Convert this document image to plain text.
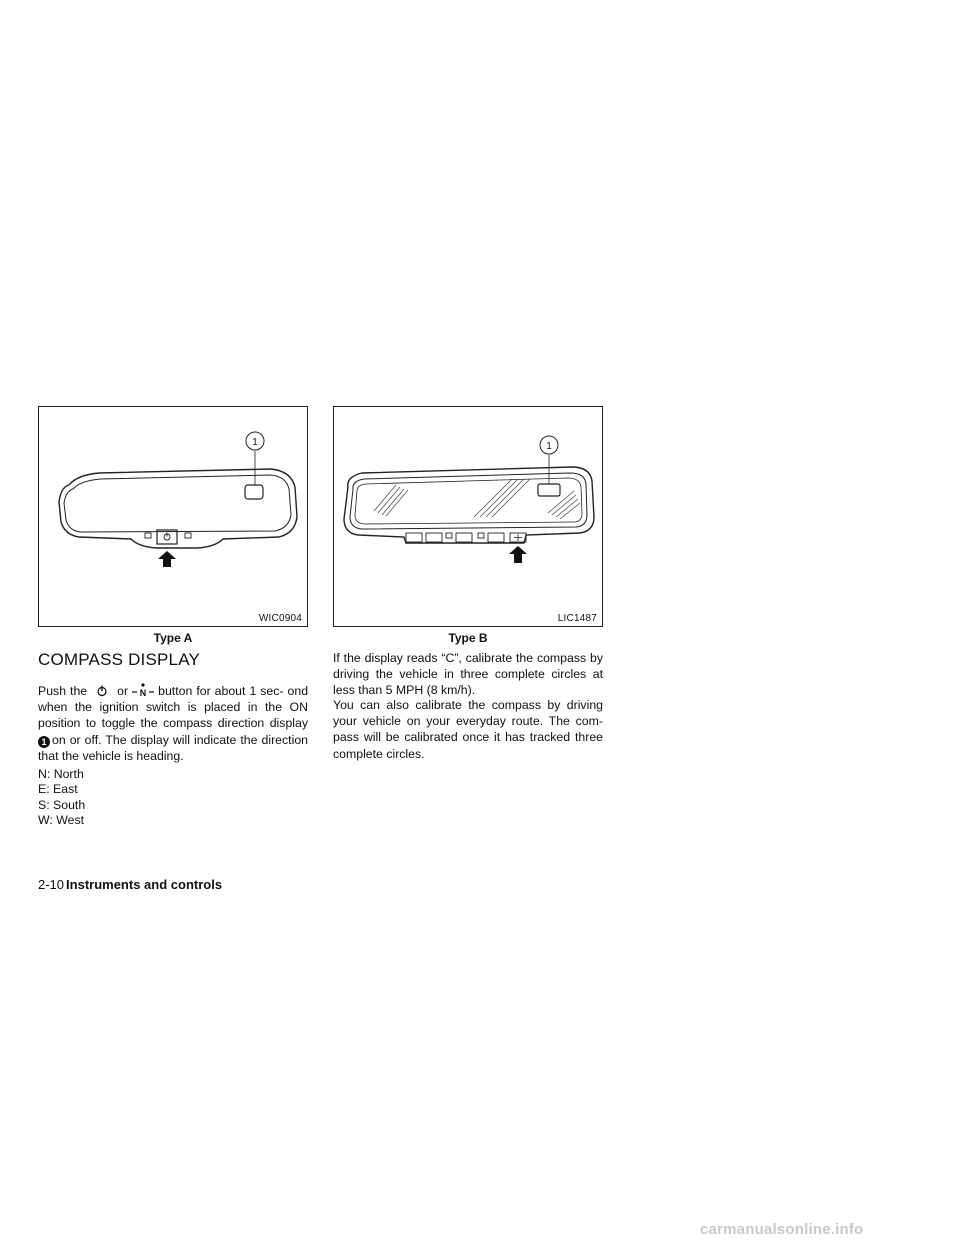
1
WIC0904
Type A
1
LIC1487
Type B
COMPASS DISPLAY
Push the or N button for about 1 sec- ond when the ignition switch is placed in the ON position to toggle the compass direction display 1 on or off. The display will indicate the direction that the vehicle is heading.
N: North
E: East
S: South
W: West
If the display reads “C”, calibrate the compass by driving the vehicle in three complete circles at less than 5 MPH (8 km/h).
You can also calibrate the compass by driving your vehicle on your everyday route. The com- pass will be calibrated once it has tracked three complete circles.
2-10 Instruments and controls
carmanualsonline.info
